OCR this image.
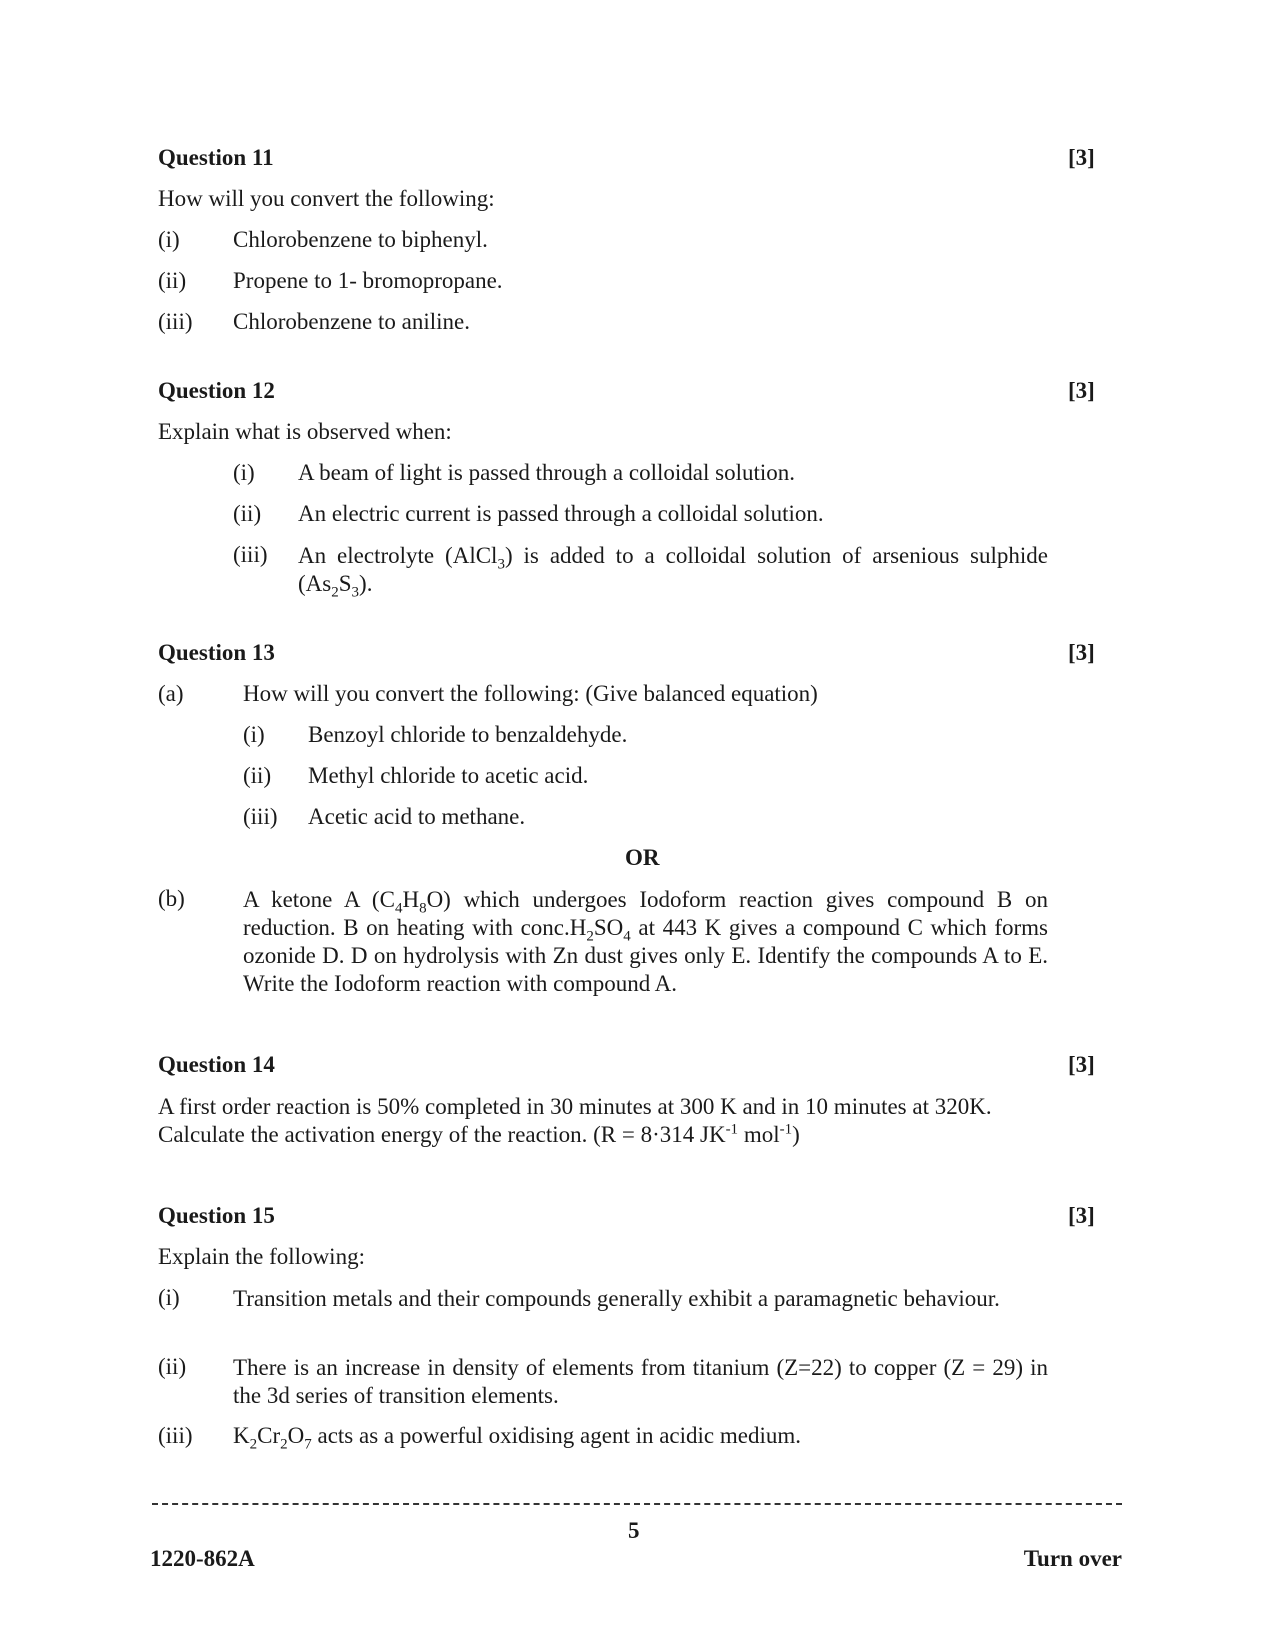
Question 11	[3]
How will you convert the following:
(i) Chlorobenzene to biphenyl.
(ii) Propene to 1- bromopropane.
(iii) Chlorobenzene to aniline.
Question 12	[3]
Explain what is observed when:
(i) A beam of light is passed through a colloidal solution.
(ii) An electric current is passed through a colloidal solution.
(iii) An electrolyte (AlCl$_3$) is added to a colloidal solution of arsenious sulphide $(As_2S_3)$.
Question 13	[3]
(a)	How will you convert the following: (Give balanced equation)
(i) Benzoyl chloride to benzaldehyde.
(ii) Methyl chloride to acetic acid.
(iii) Acetic acid to methane.
OR
(b)	A ketone A $(C_4H_8O)$ which undergoes Iodoform reaction gives compound B on reduction. B on heating with $conc.H_2SO_4$ at 443 K gives a compound C which forms ozonide D. D on hydrolysis with Zn dust gives only E. Identify the compounds A to E. Write the Iodoform reaction with compound A.
Question 14	[3]
A first order reaction is 50% completed in 30 minutes at 300 K and in 10 minutes at 320K. Calculate the activation energy of the reaction. (R = 8·314 $JK^{-1}$ mol$^{-1}$)
Question 15	[3]
Explain the following:
(i) Transition metals and their compounds generally exhibit a paramagnetic behaviour.
(ii) There is an increase in density of elements from titanium (Z=22) to copper (Z = 29) in the 3d series of transition elements.
(iii) $K_2Cr_2O_7$ acts as a powerful oxidising agent in acidic medium.
5
1220-862A	Turn over
